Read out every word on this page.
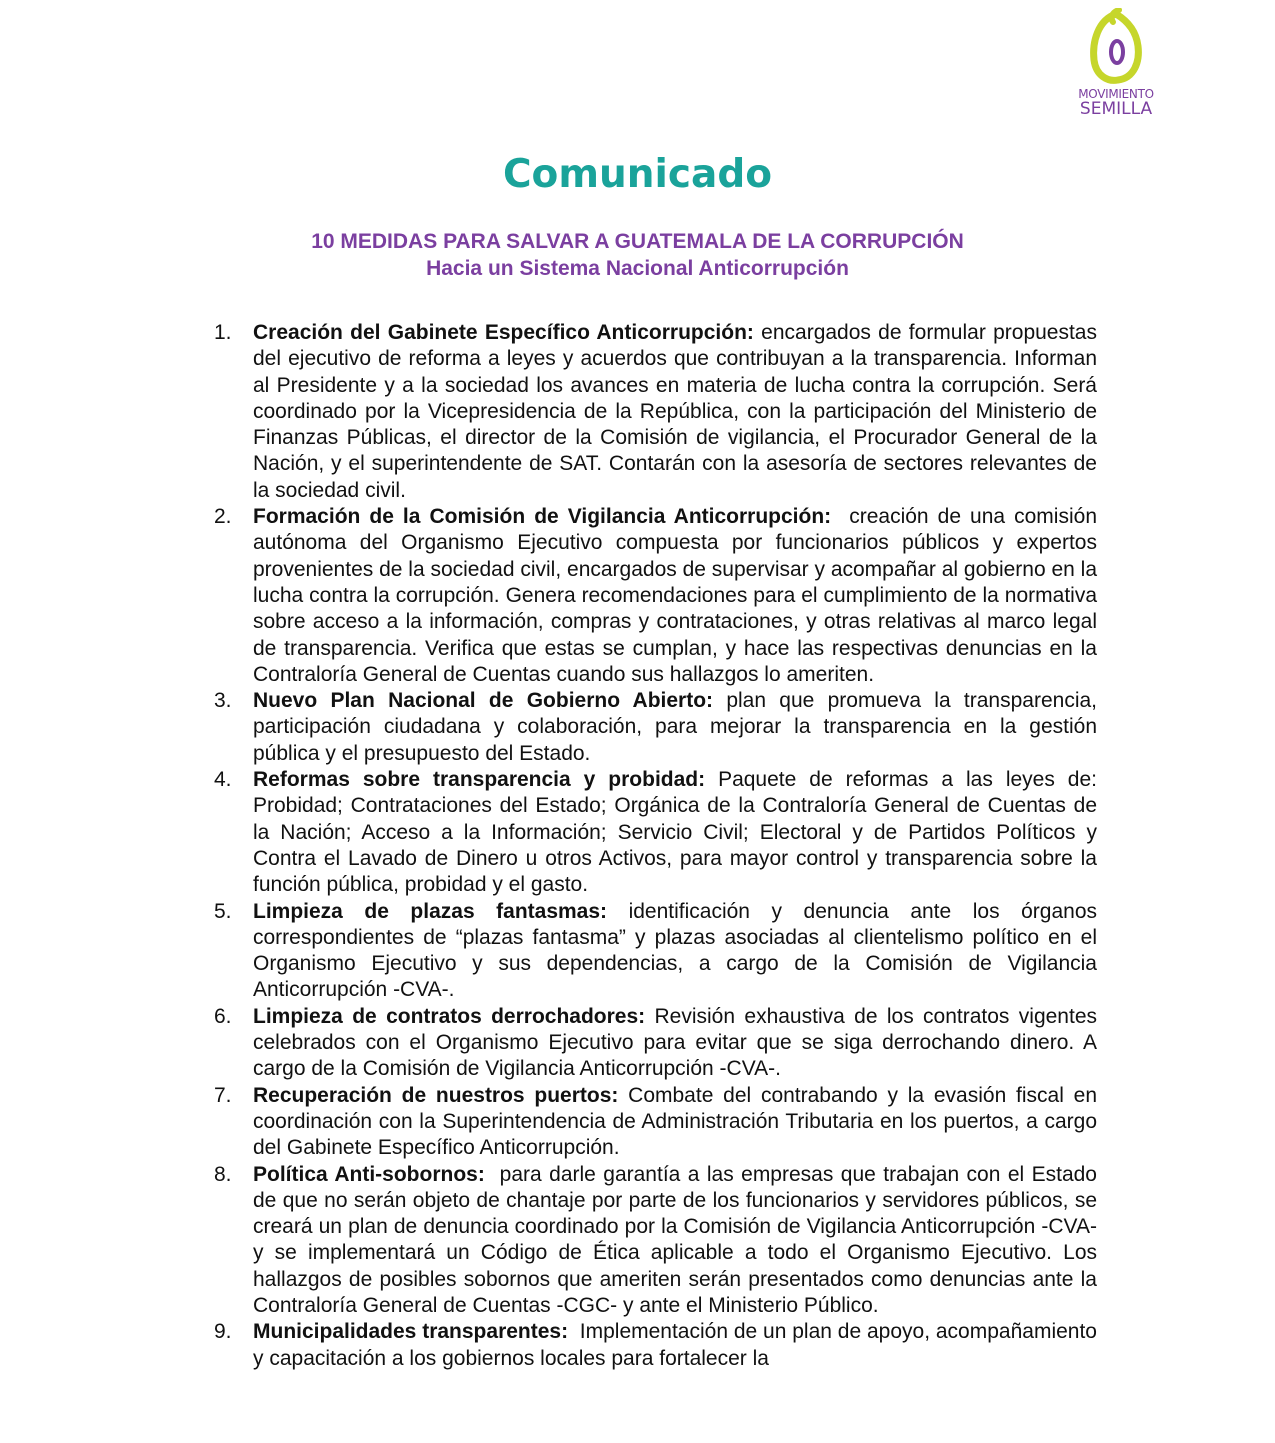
MOVIMIENTO
SEMILLA
Comunicado
10 MEDIDAS PARA SALVAR A GUATEMALA DE LA CORRUPCIÓN
Hacia un Sistema Nacional Anticorrupción
1.	Creación del Gabinete Específico Anticorrupción: encargados de formular propuestas del ejecutivo de reforma a leyes y acuerdos que contribuyan a la transparencia. Informan al Presidente y a la sociedad los avances en materia de lucha contra la corrupción. Será coordinado por la Vicepresidencia de la República, con la participación del Ministerio de Finanzas Públicas, el director de la Comisión de vigilancia, el Procurador General de la Nación, y el superintendente de SAT. Contarán con la asesoría de sectores relevantes de la sociedad civil.
2.	Formación de la Comisión de Vigilancia Anticorrupción:  creación de una comisión autónoma del Organismo Ejecutivo compuesta por funcionarios públicos y expertos provenientes de la sociedad civil, encargados de supervisar y acompañar al gobierno en la lucha contra la corrupción. Genera recomendaciones para el cumplimiento de la normativa sobre acceso a la información, compras y contrataciones, y otras relativas al marco legal de transparencia. Verifica que estas se cumplan, y hace las respectivas denuncias en la Contraloría General de Cuentas cuando sus hallazgos lo ameriten.
3.	Nuevo Plan Nacional de Gobierno Abierto: plan que promueva la transparencia, participación ciudadana y colaboración, para mejorar la transparencia en la gestión pública y el presupuesto del Estado.
4.	Reformas sobre transparencia y probidad: Paquete de reformas a las leyes de: Probidad; Contrataciones del Estado; Orgánica de la Contraloría General de Cuentas de la Nación; Acceso a la Información; Servicio Civil; Electoral y de Partidos Políticos y Contra el Lavado de Dinero u otros Activos, para mayor control y transparencia sobre la función pública, probidad y el gasto.
5.	Limpieza de plazas fantasmas: identificación y denuncia ante los órganos correspondientes de “plazas fantasma” y plazas asociadas al clientelismo político en el Organismo Ejecutivo y sus dependencias, a cargo de la Comisión de Vigilancia Anticorrupción -CVA-.
6.	Limpieza de contratos derrochadores: Revisión exhaustiva de los contratos vigentes celebrados con el Organismo Ejecutivo para evitar que se siga derrochando dinero. A cargo de la Comisión de Vigilancia Anticorrupción -CVA-.
7.	Recuperación de nuestros puertos: Combate del contrabando y la evasión fiscal en coordinación con la Superintendencia de Administración Tributaria en los puertos, a cargo del Gabinete Específico Anticorrupción.
8.	Política Anti-sobornos:  para darle garantía a las empresas que trabajan con el Estado de que no serán objeto de chantaje por parte de los funcionarios y servidores públicos, se creará un plan de denuncia coordinado por la Comisión de Vigilancia Anticorrupción -CVA- y se implementará un Código de Ética aplicable a todo el Organismo Ejecutivo. Los hallazgos de posibles sobornos que ameriten serán presentados como denuncias ante la Contraloría General de Cuentas -CGC- y ante el Ministerio Público.
9.	Municipalidades transparentes:  Implementación de un plan de apoyo, acompañamiento y capacitación a los gobiernos locales para fortalecer la
